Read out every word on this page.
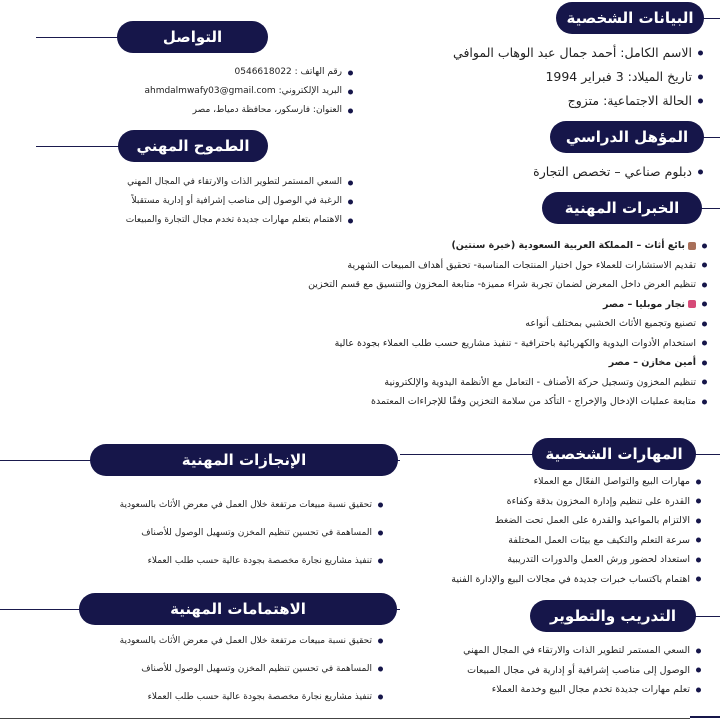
البيانات الشخصية
الاسم الكامل: أحمد جمال عبد الوهاب الموافي
تاريخ الميلاد: 3 فبراير 1994
الحالة الاجتماعية: متزوج
المؤهل الدراسي
دبلوم صناعي – تخصص التجارة
الخبرات المهنية
بائع أثاث – المملكة العربية السعودية (خبرة سنتين)
تقديم الاستشارات للعملاء حول اختيار المنتجات المناسبة- تحقيق أهداف المبيعات الشهرية
تنظيم العرض داخل المعرض لضمان تجربة شراء مميزة- متابعة المخزون والتنسيق مع قسم التخزين
نجار موبليا – مصر
تصنيع وتجميع الأثاث الخشبي بمختلف أنواعه
استخدام الأدوات اليدوية والكهربائية باحترافية - تنفيذ مشاريع حسب طلب العملاء بجودة عالية
أمين مخازن – مصر
تنظيم المخزون وتسجيل حركة الأصناف - التعامل مع الأنظمة اليدوية والإلكترونية
متابعة عمليات الإدخال والإخراج - التأكد من سلامة التخزين وفقًا للإجراءات المعتمدة
المهارات الشخصية
مهارات البيع والتواصل الفعّال مع العملاء
القدرة على تنظيم وإدارة المخزون بدقة وكفاءة
الالتزام بالمواعيد والقدرة على العمل تحت الضغط
سرعة التعلم والتكيف مع بيئات العمل المختلفة
استعداد لحضور ورش العمل والدورات التدريبية
اهتمام باكتساب خبرات جديدة في مجالات البيع والإدارة الفنية
التدريب والتطوير
السعي المستمر لتطوير الذات والارتقاء في المجال المهني
الوصول إلى مناصب إشرافية أو إدارية في مجال المبيعات
تعلم مهارات جديدة تخدم مجال البيع وخدمة العملاء
التواصل
رقم الهاتف : 0546618022
البريد الإلكتروني: ahmdalmwafy03@gmail.com
العنوان: فارسكور، محافظة دمياط، مصر
الطموح المهني
السعي المستمر لتطوير الذات والارتقاء في المجال المهني
الرغبة في الوصول إلى مناصب إشرافية أو إدارية مستقبلاً
الاهتمام بتعلم مهارات جديدة تخدم مجال التجارة والمبيعات
الإنجازات المهنية
تحقيق نسبة مبيعات مرتفعة خلال العمل في معرض الأثاث بالسعودية
المساهمة في تحسين تنظيم المخزن وتسهيل الوصول للأصناف
تنفيذ مشاريع نجارة مخصصة بجودة عالية حسب طلب العملاء
الاهتمامات المهنية
تحقيق نسبة مبيعات مرتفعة خلال العمل في معرض الأثاث بالسعودية
المساهمة في تحسين تنظيم المخزن وتسهيل الوصول للأصناف
تنفيذ مشاريع نجارة مخصصة بجودة عالية حسب طلب العملاء
